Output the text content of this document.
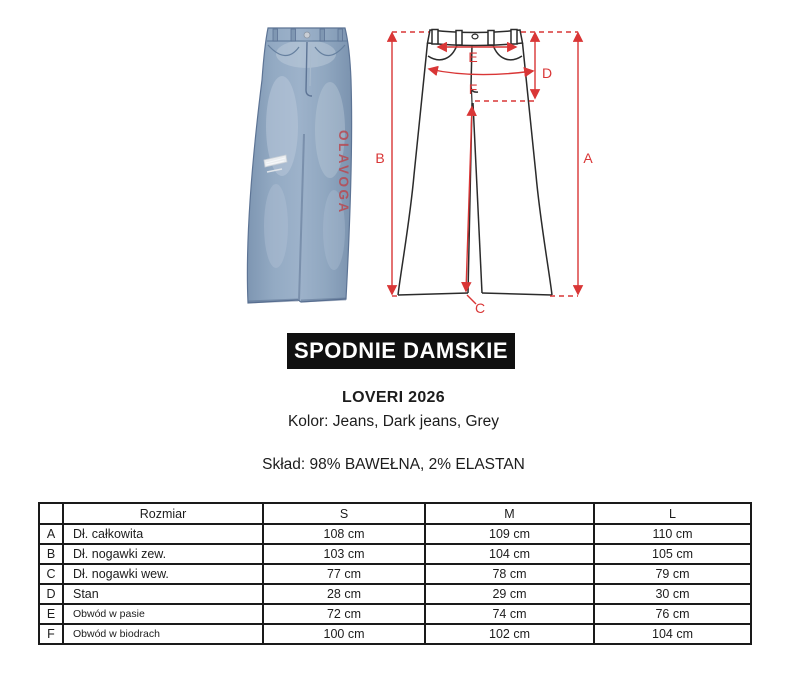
OLAVOGA B	A
D
E
F
C
SPODNIE DAMSKIE
LOVERI 2026
Kolor: Jeans, Dark jeans, Grey
Skład: 98% BAWEŁNA, 2% ELASTAN
	Rozmiar	S	M	L
A	Dł. całkowita	108 cm	109 cm	110 cm
B	Dł. nogawki zew.	103 cm	104 cm	105 cm
C	Dł. nogawki wew.	77 cm	78 cm	79 cm
D	Stan	28 cm	29 cm	30 cm
E	Obwód w pasie	72 cm	74 cm	76 cm
F	Obwód w biodrach	100 cm	102 cm	104 cm
